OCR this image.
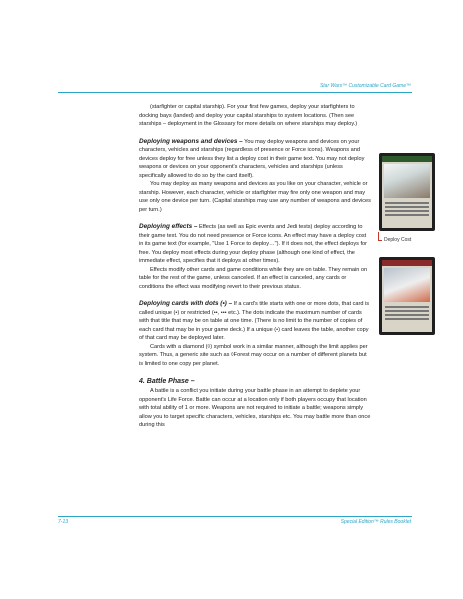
Star Wars™ Customizable Card Game™

(starfighter or capital starship). For your first few games, deploy your starfighters to docking bays (landed) and deploy your capital starships to system locations. (Then see starships – deployment in the Glossary for more details on where starships may deploy.)

Deploying weapons and devices – You may deploy weapons and devices on your characters, vehicles and starships (regardless of presence or Force icons). Weapons and devices deploy for free unless they list a deploy cost in their game text. You may not deploy weapons or devices on your opponent's characters, vehicles and starships (unless specifically allowed to do so by the card itself).

You may deploy as many weapons and devices as you like on your character, vehicle or starship. However, each character, vehicle or starfighter may fire only one weapon and may use only one device per turn. (Capital starships may use any number of weapons and devices per turn.)

Deploying effects – Effects (as well as Epic events and Jedi tests) deploy according to their game text. You do not need presence or Force icons. An effect may have a deploy cost in its game text (for example, "Use 1 Force to deploy…"). If it does not, the effect deploys for free. You deploy most effects during your deploy phase (although one kind of effect, the immediate effect, specifies that it deploys at other times).

Effects modify other cards and game conditions while they are on table. They remain on table for the rest of the game, unless canceled. If an effect is canceled, any cards or conditions the effect was modifying revert to their previous status.

Deploying cards with dots (•) – If a card's title starts with one or more dots, that card is called unique (•) or restricted (••, ••• etc.). The dots indicate the maximum number of cards with that title that may be on table at one time. (There is no limit to the number of copies of each card that may be in your game deck.) If a unique (•) card leaves the table, another copy of that card may be deployed later.

Cards with a diamond (◊) symbol work in a similar manner, although the limit applies per system. Thus, a generic site such as ◊Forest may occur on a number of different planets but is limited to one copy per planet.

4. Battle Phase –

A battle is a conflict you initiate during your battle phase in an attempt to deplete your opponent's Life Force. Battle can occur at a location only if both players occupy that location with total ability of 1 or more. Weapons are not required to initiate a battle; weapons simply allow you to target specific characters, vehicles, starships etc. You may battle more than once during this

Deploy Cost
7-13	Special Edition™ Rules Booklet
